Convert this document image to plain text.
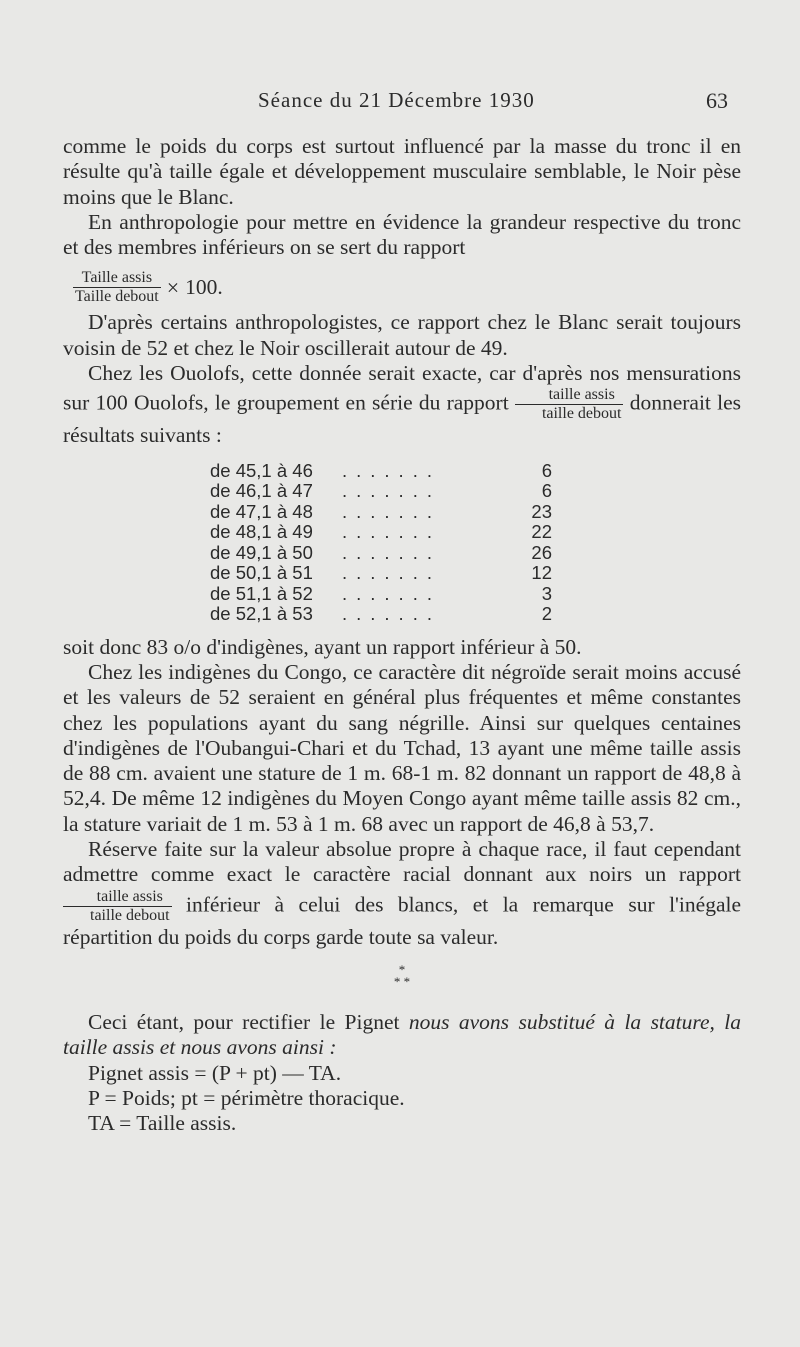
Séance du 21 Décembre 1930	63

comme le poids du corps est surtout influencé par la masse du tronc il en résulte qu'à taille égale et développement musculaire semblable, le Noir pèse moins que le Blanc.

En anthropologie pour mettre en évidence la grandeur respective du tronc et des membres inférieurs on se sert du rapport

$\frac{\text{Taille assis}}{\text{Taille debout}} \times 100$.

D'après certains anthropologistes, ce rapport chez le Blanc serait toujours voisin de 52 et chez le Noir oscillerait autour de 49.

Chez les Ouolofs, cette donnée serait exacte, car d'après nos mensurations sur 100 Ouolofs, le groupement en série du rapport $\frac{\text{taille assis}}{\text{taille debout}}$ donnerait les résultats suivants :

de 45,1 à 46	.......	6
de 46,1 à 47	.......	6
de 47,1 à 48	.......	23
de 48,1 à 49	.......	22
de 49,1 à 50	.......	26
de 50,1 à 51	.......	12
de 51,1 à 52	.......	3
de 52,1 à 53	.......	2

soit donc 83 o/o d'indigènes, ayant un rapport inférieur à 50.

Chez les indigènes du Congo, ce caractère dit négroïde serait moins accusé et les valeurs de 52 seraient en général plus fréquentes et même constantes chez les populations ayant du sang négrille. Ainsi sur quelques centaines d'indigènes de l'Oubangui-Chari et du Tchad, 13 ayant une même taille assis de 88 cm. avaient une stature de 1 m. 68-1 m. 82 donnant un rapport de 48,8 à 52,4. De même 12 indigènes du Moyen Congo ayant même taille assis 82 cm., la stature variait de 1 m. 53 à 1 m. 68 avec un rapport de 46,8 à 53,7.

Réserve faite sur la valeur absolue propre à chaque race, il faut cependant admettre comme exact le caractère racial donnant aux noirs un rapport
$\frac{\text{taille assis}}{\text{taille debout}}$ inférieur à celui des blancs, et la remarque sur l'inégale répartition du poids du corps garde toute sa valeur.

*
* *

Ceci étant, pour rectifier le Pignet nous avons substitué à la stature, la taille assis et nous avons ainsi :

Pignet assis = (P + pt) — TA.

P = Poids; pt = périmètre thoracique.

TA = Taille assis.
